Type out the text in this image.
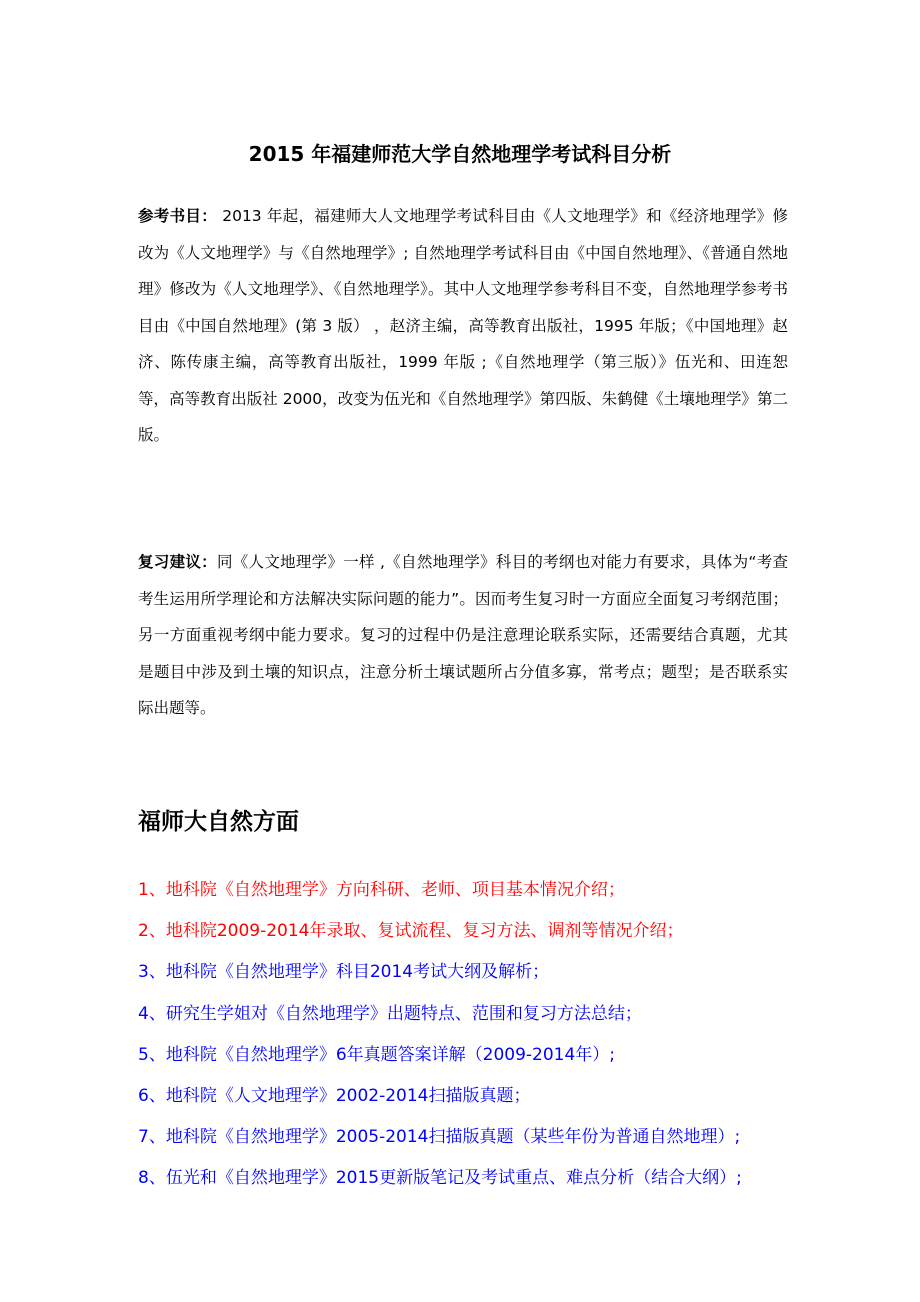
2015 年福建师范大学自然地理学考试科目分析

参考书目： 2013 年起，福建师大人文地理学考试科目由《人文地理学》和《经济地理学》修改为《人文地理学》与《自然地理学》; 自然地理学考试科目由《中国自然地理》、《普通自然地理》修改为《人文地理学》、《自然地理学》。其中人文地理学参考科目不变，自然地理学参考书目由《中国自然地理》(第 3 版） ，赵济主编，高等教育出版社，1995 年版；《中国地理》赵济、陈传康主编，高等教育出版社，1999 年版 ;《自然地理学（第三版）》伍光和、田连恕等，高等教育出版社 2000，改变为伍光和《自然地理学》第四版、朱鹤健《土壤地理学》第二版。

复习建议：同《人文地理学》一样 ,《自然地理学》科目的考纲也对能力有要求，具体为“考查考生运用所学理论和方法解决实际问题的能力”。因而考生复习时一方面应全面复习考纲范围；另一方面重视考纲中能力要求。复习的过程中仍是注意理论联系实际，还需要结合真题，尤其是题目中涉及到土壤的知识点，注意分析土壤试题所占分值多寡，常考点；题型；是否联系实际出题等。

福师大自然方面
1、地科院《自然地理学》方向科研、老师、项目基本情况介绍；
2、地科院2009-2014年录取、复试流程、复习方法、调剂等情况介绍；
3、地科院《自然地理学》科目2014考试大纲及解析；
4、研究生学姐对《自然地理学》出题特点、范围和复习方法总结；
5、地科院《自然地理学》6年真题答案详解（2009-2014年）;
6、地科院《人文地理学》2002-2014扫描版真题；
7、地科院《自然地理学》2005-2014扫描版真题（某些年份为普通自然地理）;
8、伍光和《自然地理学》2015更新版笔记及考试重点、难点分析（结合大纲）;
